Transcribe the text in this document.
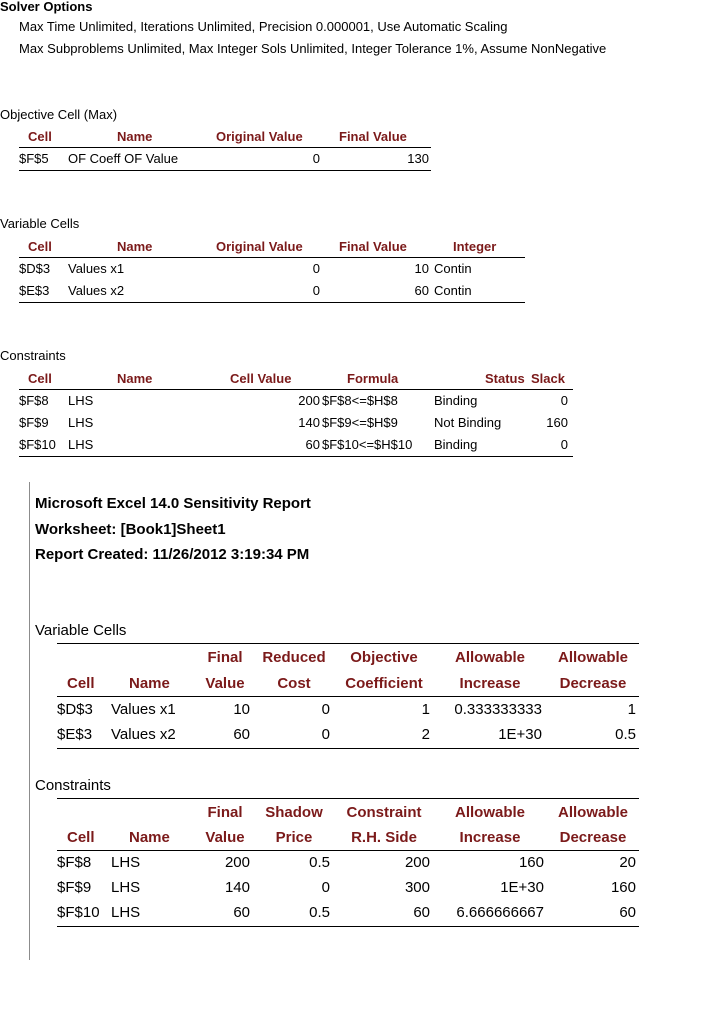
Solver Options
Max Time Unlimited, Iterations Unlimited, Precision 0.000001, Use Automatic Scaling
Max Subproblems Unlimited, Max Integer Sols Unlimited, Integer Tolerance 1%, Assume NonNegative
Objective Cell (Max)
Cell	Name	Original Value	Final Value
$F$5 OF Coeff OF Value	0	130
Variable Cells
Cell	Name	Original Value	Final Value	Integer
$D$3 Values x1	0	10 Contin
$E$3 Values x2	0	60 Contin
Constraints
Cell	Name	Cell Value	Formula	Status Slack
$F$8 LHS	200 $F$8<=$H$8	Binding	0
$F$9 LHS	140 $F$9<=$H$9	Not Binding	160
$F$10 LHS	60 $F$10<=$H$10 Binding	0
Microsoft Excel 14.0 Sensitivity Report
Worksheet: [Book1]Sheet1
Report Created: 11/26/2012 3:19:34 PM
Variable Cells
Final	Reduced	Objective	Allowable	Allowable
Cell Name	Value	Cost	Coefficient	Increase	Decrease
$D$3 Values x1	10	0	1	0.333333333	1
$E$3 Values x2	60	0	2	1E+30	0.5
Constraints
Final	Shadow	Constraint	Allowable	Allowable
Cell Name	Value	Price	R.H. Side	Increase	Decrease
$F$8 LHS	200	0.5	200	160	20
$F$9 LHS	140	0	300	1E+30	160
$F$10 LHS	60	0.5	60	6.666666667	60
